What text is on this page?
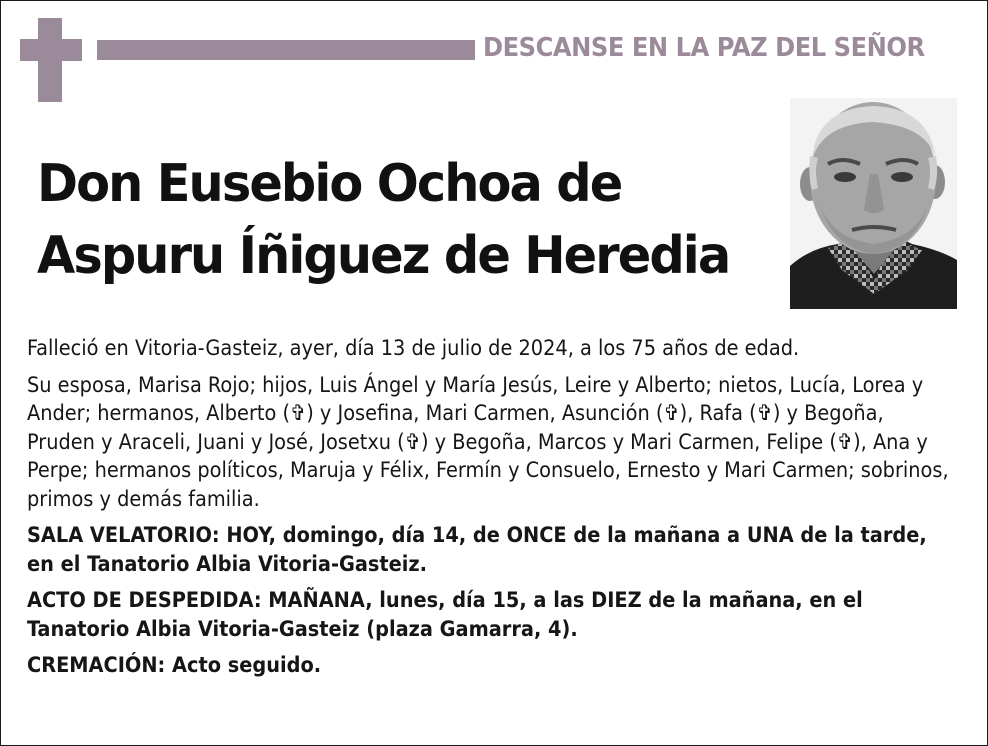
DESCANSE EN LA PAZ DEL SEÑOR
Don Eusebio Ochoa de
Aspuru Íñiguez de Heredia

Falleció en Vitoria-Gasteiz, ayer, día 13 de julio de 2024, a los 75 años de edad.

Su esposa, Marisa Rojo; hijos, Luis Ángel y María Jesús, Leire y Alberto; nietos, Lucía, Lorea y Ander; hermanos, Alberto (✞) y Josefina, Mari Carmen, Asunción (✞), Rafa (✞) y Begoña, Pruden y Araceli, Juani y José, Josetxu (✞) y Begoña, Marcos y Mari Carmen, Felipe (✞), Ana y Perpe; hermanos políticos, Maruja y Félix, Fermín y Consuelo, Ernesto y Mari Carmen; sobrinos, primos y demás familia.

SALA VELATORIO: HOY, domingo, día 14, de ONCE de la mañana a UNA de la tarde, en el Tanatorio Albia Vitoria-Gasteiz.

ACTO DE DESPEDIDA: MAÑANA, lunes, día 15, a las DIEZ de la mañana, en el Tanatorio Albia Vitoria-Gasteiz (plaza Gamarra, 4).

CREMACIÓN: Acto seguido.
